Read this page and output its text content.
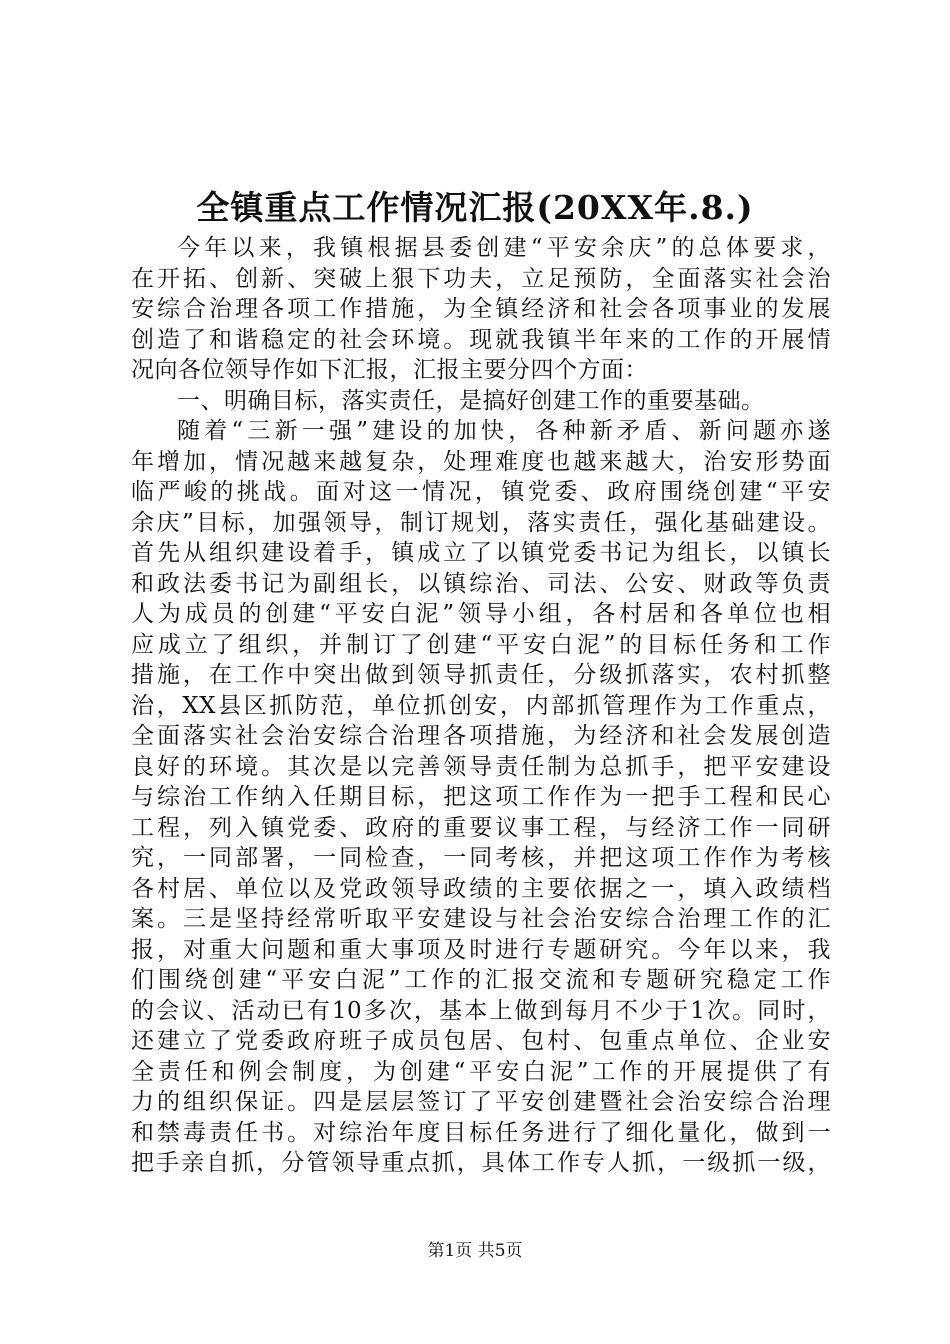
全镇重点工作情况汇报(20XX年.8.)
今年以来，我镇根据县委创建“平安余庆”的总体要求，
在开拓、创新、突破上狠下功夫，立足预防，全面落实社会治
安综合治理各项工作措施，为全镇经济和社会各项事业的发展
创造了和谐稳定的社会环境。现就我镇半年来的工作的开展情
况向各位领导作如下汇报，汇报主要分四个方面：
一、明确目标，落实责任，是搞好创建工作的重要基础。
随着“三新一强”建设的加快，各种新矛盾、新问题亦遂
年增加，情况越来越复杂，处理难度也越来越大，治安形势面
临严峻的挑战。面对这一情况，镇党委、政府围绕创建“平安
余庆”目标，加强领导，制订规划，落实责任，强化基础建设。
首先从组织建设着手，镇成立了以镇党委书记为组长，以镇长
和政法委书记为副组长，以镇综治、司法、公安、财政等负责
人为成员的创建“平安白泥”领导小组，各村居和各单位也相
应成立了组织，并制订了创建“平安白泥”的目标任务和工作
措施，在工作中突出做到领导抓责任，分级抓落实，农村抓整
治，XX县区抓防范，单位抓创安，内部抓管理作为工作重点，
全面落实社会治安综合治理各项措施，为经济和社会发展创造
良好的环境。其次是以完善领导责任制为总抓手，把平安建设
与综治工作纳入任期目标，把这项工作作为一把手工程和民心
工程，列入镇党委、政府的重要议事工程，与经济工作一同研
究，一同部署，一同检查，一同考核，并把这项工作作为考核
各村居、单位以及党政领导政绩的主要依据之一，填入政绩档
案。三是坚持经常听取平安建设与社会治安综合治理工作的汇
报，对重大问题和重大事项及时进行专题研究。今年以来，我
们围绕创建“平安白泥”工作的汇报交流和专题研究稳定工作
的会议、活动已有10多次，基本上做到每月不少于1次。同时，
还建立了党委政府班子成员包居、包村、包重点单位、企业安
全责任和例会制度，为创建“平安白泥”工作的开展提供了有
力的组织保证。四是层层签订了平安创建暨社会治安综合治理
和禁毒责任书。对综治年度目标任务进行了细化量化，做到一
把手亲自抓，分管领导重点抓，具体工作专人抓，一级抓一级，
第1页 共5页
